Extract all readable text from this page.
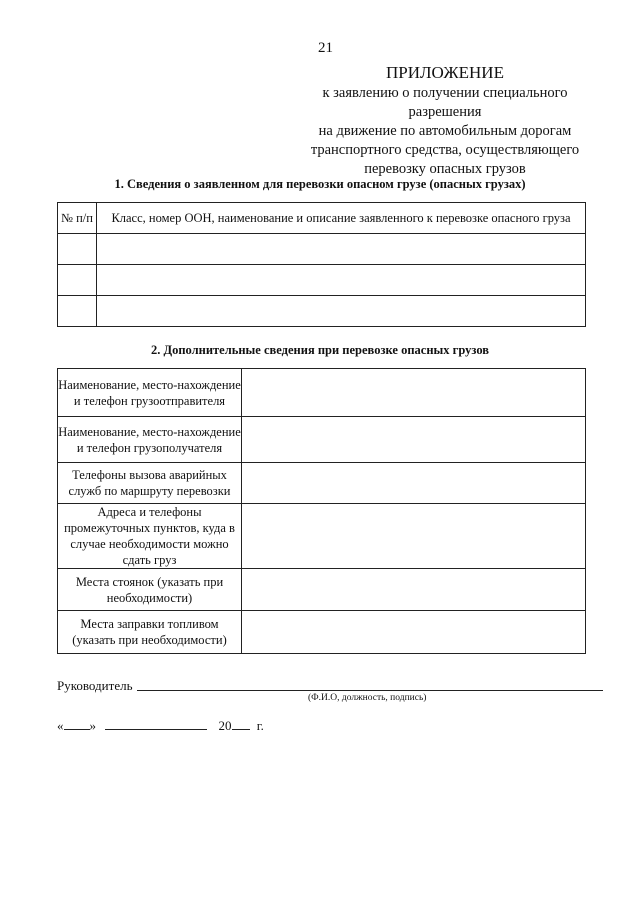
21
ПРИЛОЖЕНИЕ
к заявлению о получении специального разрешения
на движение по автомобильным дорогам
транспортного средства, осуществляющего
перевозку опасных грузов
1. Сведения о заявленном для перевозки опасном грузе (опасных грузах)
№ п/п	Класс, номер ООН, наименование и описание заявленного к перевозке опасного груза

2. Дополнительные сведения при перевозке опасных грузов
Наименование, место-нахождение и телефон грузоотправителя	
Наименование, место-нахождение и телефон грузополучателя	
Телефоны вызова аварийных служб по маршруту перевозки	
Адреса и телефоны промежуточных пунктов, куда в случае необходимости можно сдать груз	
Места стоянок (указать при необходимости)	
Места заправки топливом (указать при необходимости)	
Руководитель
(Ф.И.О, должность, подпись)
« »	20 г.
